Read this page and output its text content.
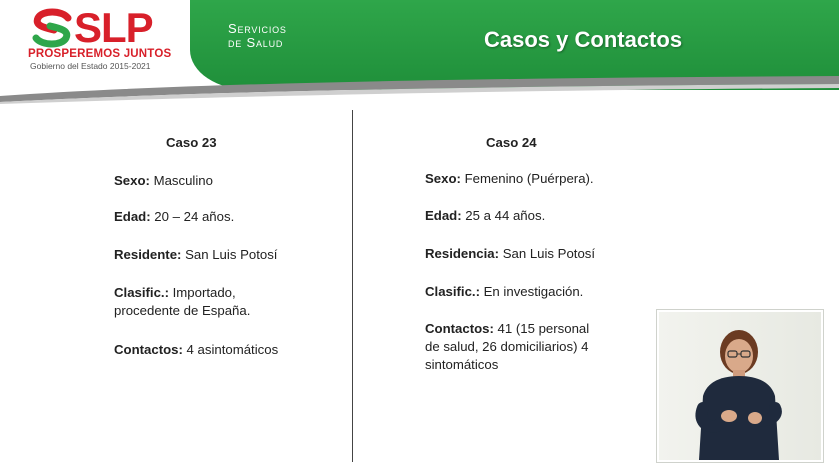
SLP
PROSPEREMOS JUNTOS
Gobierno del Estado 2015-2021
Servicios
de Salud	Casos y Contactos
Caso 23
Sexo: Masculino
Edad: 20 – 24 años.
Residente: San Luis Potosí
Clasific.: Importado,
procedente de España.
Contactos: 4 asintomáticos
Caso 24
Sexo: Femenino (Puérpera).
Edad: 25 a 44 años.
Residencia: San Luis Potosí
Clasific.: En investigación.
Contactos: 41 (15 personal
de salud, 26 domiciliarios) 4
sintomáticos
